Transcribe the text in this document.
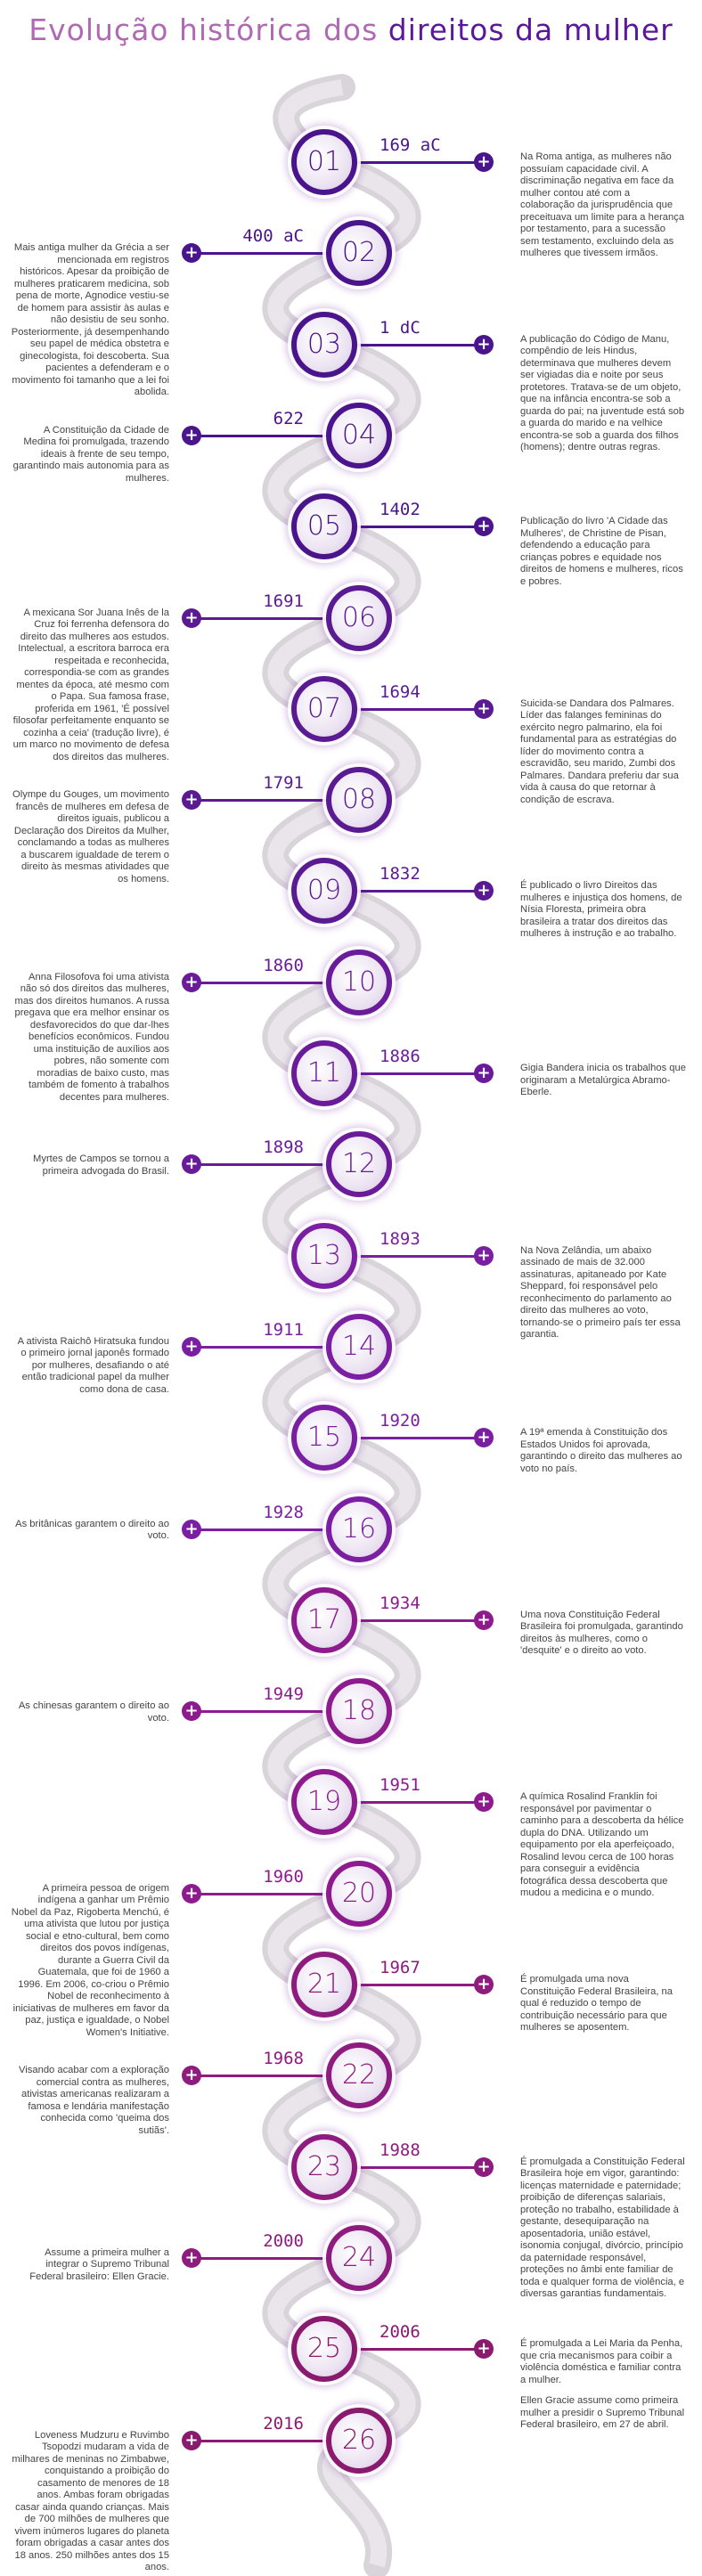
Evolução histórica dos direitos da mulher
+
01
169 aC
Na Roma antiga, as mulheres não possuíam capacidade civil. A discriminação negativa em face da mulher contou até com a colaboração da jurisprudência que preceituava um limite para a herança por testamento, para a sucessão sem testamento, excluindo dela as mulheres que tivessem irmãos.
+	02
400 aC
Mais antiga mulher da Grécia a ser mencionada em registros históricos. Apesar da proibição de mulheres praticarem medicina, sob pena de morte, Agnodice vestiu-se de homem para assistir às aulas e não desistiu de seu sonho. Posteriormente, já desempenhando seu papel de médica obstetra e ginecologista, foi descoberta. Sua pacientes a defenderam e o movimento foi tamanho que a lei foi abolida.
+
03
1 dC
A publicação do Código de Manu, compêndio de leis Hindus, determinava que mulheres devem ser vigiadas dia e noite por seus protetores. Tratava-se de um objeto, que na infância encontra-se sob a guarda do pai; na juventude está sob a guarda do marido e na velhice encontra-se sob a guarda dos filhos (homens); dentre outras regras.
+	04
622
A Constituição da Cidade de Medina foi promulgada, trazendo ideais à frente de seu tempo, garantindo mais autonomia para as mulheres.
+
05
1402
Publicação do livro 'A Cidade das Mulheres', de Christine de Pisan, defendendo a educação para crianças pobres e equidade nos direitos de homens e mulheres, ricos e pobres.
+	06
1691
A mexicana Sor Juana Inês de la Cruz foi ferrenha defensora do direito das mulheres aos estudos. Intelectual, a escritora barroca era respeitada e reconhecida, correspondia-se com as grandes mentes da época, até mesmo com o Papa. Sua famosa frase, proferida em 1961, 'É possível filosofar perfeitamente enquanto se cozinha a ceia' (tradução livre), é um marco no movimento de defesa dos direitos das mulheres.
+
07
1694
Suicida-se Dandara dos Palmares. Líder das falanges femininas do exército negro palmarino, ela foi fundamental para as estratégias do líder do movimento contra a escravidão, seu marido, Zumbi dos Palmares. Dandara preferiu dar sua vida à causa do que retornar à condição de escrava.
+	08
1791
Olympe du Gouges, um movimento francês de mulheres em defesa de direitos iguais, publicou a Declaração dos Direitos da Mulher, conclamando a todas as mulheres a buscarem igualdade de terem o direito às mesmas atividades que os homens.
+
09
1832
É publicado o livro Direitos das mulheres e injustiça dos homens, de Nísia Floresta, primeira obra brasileira a tratar dos direitos das mulheres à instrução e ao trabalho.
+	10
1860
Anna Filosofova foi uma ativista não só dos direitos das mulheres, mas dos direitos humanos. A russa pregava que era melhor ensinar os desfavorecidos do que dar-lhes benefícios econômicos. Fundou uma instituição de auxílios aos pobres, não somente com moradias de baixo custo, mas também de fomento à trabalhos decentes para mulheres.
+
11
1886
Gigia Bandera inicia os trabalhos que originaram a Metalúrgica Abramo-Eberle.
+	12
1898
Myrtes de Campos se tornou a primeira advogada do Brasil.
+
13
1893
Na Nova Zelândia, um abaixo assinado de mais de 32.000 assinaturas, apitaneado por Kate Sheppard, foi responsável pelo reconhecimento do parlamento ao direito das mulheres ao voto, tornando-se o primeiro país ter essa garantia.
+	14
1911
A ativista Raichô Hiratsuka fundou o primeiro jornal japonês formado por mulheres, desafiando o até então tradicional papel da mulher como dona de casa.
+
15
1920
A 19ª emenda à Constituição dos Estados Unidos foi aprovada, garantindo o direito das mulheres ao voto no país.
+	16
1928
As britânicas garantem o direito ao voto.
+
17
1934
Uma nova Constituição Federal Brasileira foi promulgada, garantindo direitos às mulheres, como o 'desquite' e o direito ao voto.
+	18
1949
As chinesas garantem o direito ao voto.
+
19
1951
A química Rosalind Franklin foi responsável por pavimentar o caminho para a descoberta da hélice dupla do DNA. Utilizando um equipamento por ela aperfeiçoado, Rosalind levou cerca de 100 horas para conseguir a evidência fotográfica dessa descoberta que mudou a medicina e o mundo.
+	20
1960
A primeira pessoa de origem indígena a ganhar um Prêmio Nobel da Paz, Rigoberta Menchú, é uma ativista que lutou por justiça social e etno-cultural, bem como direitos dos povos indígenas, durante a Guerra Civil da Guatemala, que foi de 1960 a 1996. Em 2006, co-criou o Prêmio Nobel de reconhecimento à iniciativas de mulheres em favor da paz, justiça e igualdade, o Nobel Women's Initiative.
+
21
1967
É promulgada uma nova Constituição Federal Brasileira, na qual é reduzido o tempo de contribuição necessário para que mulheres se aposentem.
+	22
1968
Visando acabar com a exploração comercial contra as mulheres, ativistas americanas realizaram a famosa e lendária manifestação conhecida como 'queima dos sutiãs'.
+
23
1988
É promulgada a Constituição Federal Brasileira hoje em vigor, garantindo: licenças maternidade e paternidade; proibição de diferenças salariais, proteção no trabalho, estabilidade à gestante, desequiparação na aposentadoria, união estável, isonomia conjugal, divórcio, princípio da paternidade responsável, proteções no âmbi ente familiar de toda e qualquer forma de violência, e diversas garantias fundamentais.
+	24
2000
Assume a primeira mulher a integrar o Supremo Tribunal Federal brasileiro: Ellen Gracie.
+
25
2006
É promulgada a Lei Maria da Penha, que cria mecanismos para coibir a violência doméstica e familiar contra a mulher.
+	26
2016
Loveness Mudzuru e Ruvimbo Tsopodzi mudaram a vida de milhares de meninas no Zimbabwe, conquistando a proibição do casamento de menores de 18 anos. Ambas foram obrigadas casar ainda quando crianças. Mais de 700 milhões de mulheres que vivem inúmeros lugares do planeta foram obrigadas a casar antes dos 18 anos. 250 milhões antes dos 15 anos.
Ellen Gracie assume como primeira mulher a presidir o Supremo Tribunal Federal brasileiro, em 27 de abril.
